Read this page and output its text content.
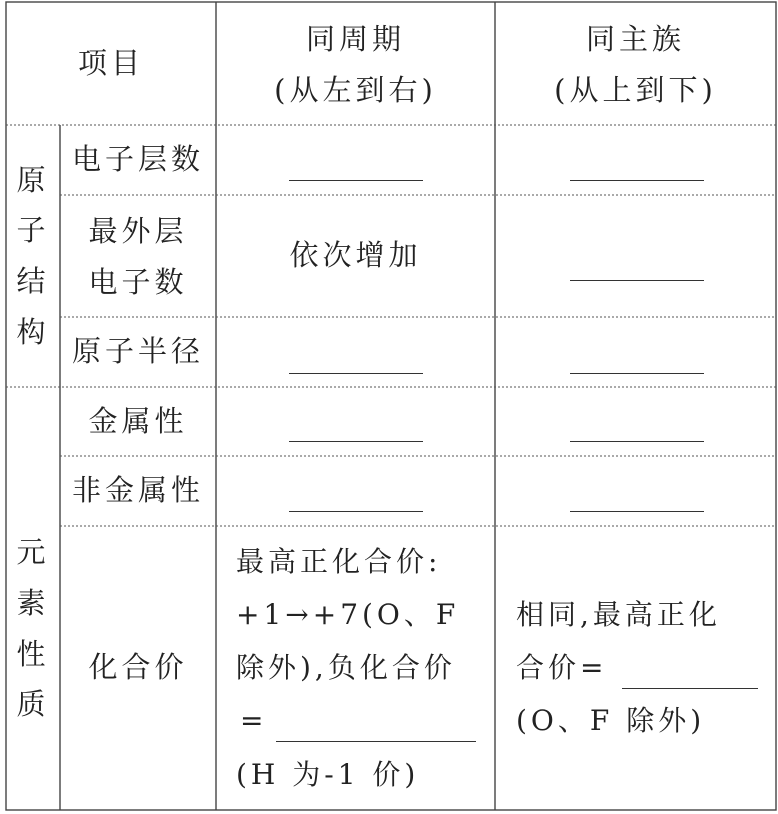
项目
同周期
(从左到右)
同主族
(从上到下)
原
子
结
构
电子层数
最外层
电子数
依次增加
原子半径
元
素
性
质
金属性
非金属性
化合价
最高正化合价:
+1→+7(O、F
除外),负化合价
=
(H 为-1 价)
相同,最高正化
合价=
(O、F 除外)
